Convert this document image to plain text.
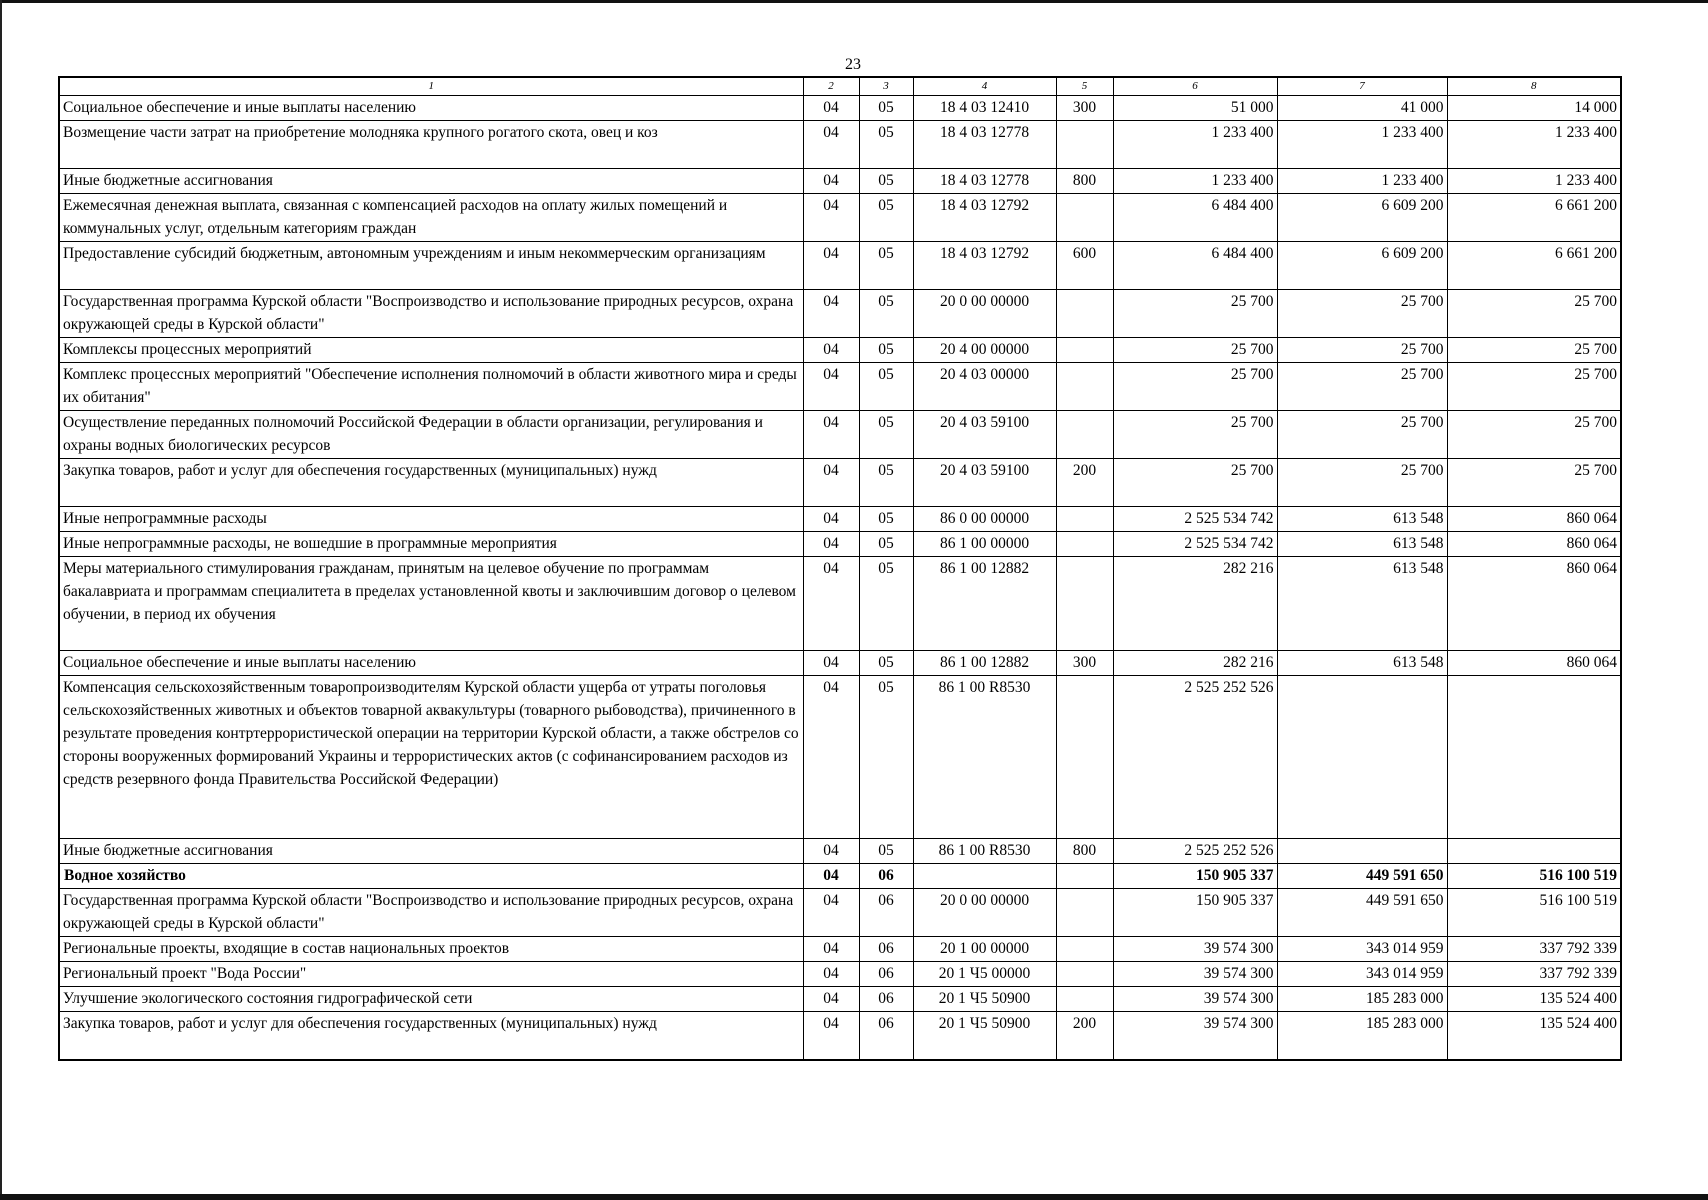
23
1	2	3	4	5	6	7	8
Социальное обеспечение и иные выплаты населению	04	05	18 4 03 12410	300	51 000	41 000	14 000
Возмещение части затрат на приобретение молодняка крупного рогатого скота, овец и коз	04	05	18 4 03 12778		1 233 400	1 233 400	1 233 400
Иные бюджетные ассигнования	04	05	18 4 03 12778	800	1 233 400	1 233 400	1 233 400
Ежемесячная денежная выплата, связанная с компенсацией расходов на оплату жилых помещений и коммунальных услуг, отдельным категориям граждан	04	05	18 4 03 12792		6 484 400	6 609 200	6 661 200
Предоставление субсидий бюджетным, автономным учреждениям и иным некоммерческим организациям	04	05	18 4 03 12792	600	6 484 400	6 609 200	6 661 200
Государственная программа Курской области "Воспроизводство и использование природных ресурсов, охрана окружающей среды в Курской области"	04	05	20 0 00 00000		25 700	25 700	25 700
Комплексы процессных мероприятий	04	05	20 4 00 00000		25 700	25 700	25 700
Комплекс процессных мероприятий "Обеспечение исполнения полномочий в области животного мира и среды их обитания"	04	05	20 4 03 00000		25 700	25 700	25 700
Осуществление переданных полномочий Российской Федерации в области организации, регулирования и охраны водных биологических ресурсов	04	05	20 4 03 59100		25 700	25 700	25 700
Закупка товаров, работ и услуг для обеспечения государственных (муниципальных) нужд	04	05	20 4 03 59100	200	25 700	25 700	25 700
Иные непрограммные расходы	04	05	86 0 00 00000		2 525 534 742	613 548	860 064
Иные непрограммные расходы, не вошедшие в программные мероприятия	04	05	86 1 00 00000		2 525 534 742	613 548	860 064
Меры материального стимулирования гражданам, принятым на целевое обучение по программам бакалавриата и программам специалитета в пределах установленной квоты и заключившим договор о целевом обучении, в период их обучения	04	05	86 1 00 12882		282 216	613 548	860 064
Социальное обеспечение и иные выплаты населению	04	05	86 1 00 12882	300	282 216	613 548	860 064
Компенсация сельскохозяйственным товаропроизводителям Курской области ущерба от утраты поголовья сельскохозяйственных животных и объектов товарной аквакультуры (товарного рыбоводства), причиненного в результате проведения контртеррористической операции на территории Курской области, а также обстрелов со стороны вооруженных формирований Украины и террористических актов (с софинансированием расходов из средств резервного фонда Правительства Российской Федерации)	04	05	86 1 00 R8530		2 525 252 526		
Иные бюджетные ассигнования	04	05	86 1 00 R8530	800	2 525 252 526		
Водное хозяйство	04	06			150 905 337	449 591 650	516 100 519
Государственная программа Курской области "Воспроизводство и использование природных ресурсов, охрана окружающей среды в Курской области"	04	06	20 0 00 00000		150 905 337	449 591 650	516 100 519
Региональные проекты, входящие в состав национальных проектов	04	06	20 1 00 00000		39 574 300	343 014 959	337 792 339
Региональный проект "Вода России"	04	06	20 1 Ч5 00000		39 574 300	343 014 959	337 792 339
Улучшение экологического состояния гидрографической сети	04	06	20 1 Ч5 50900		39 574 300	185 283 000	135 524 400
Закупка товаров, работ и услуг для обеспечения государственных (муниципальных) нужд	04	06	20 1 Ч5 50900	200	39 574 300	185 283 000	135 524 400
